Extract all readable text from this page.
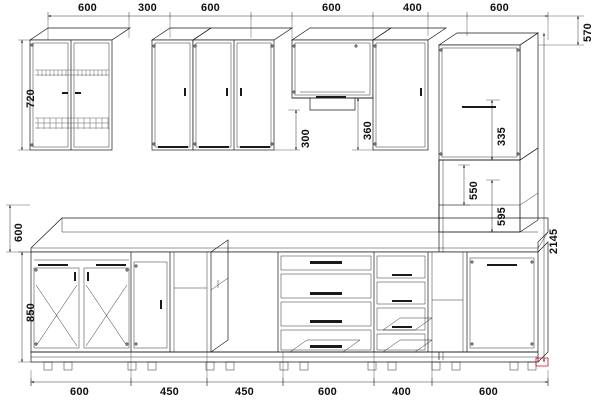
600	300	600	600	400	600
600	450	450	600	400	600
720
600
850
300	360	335
550
595
2145
570
